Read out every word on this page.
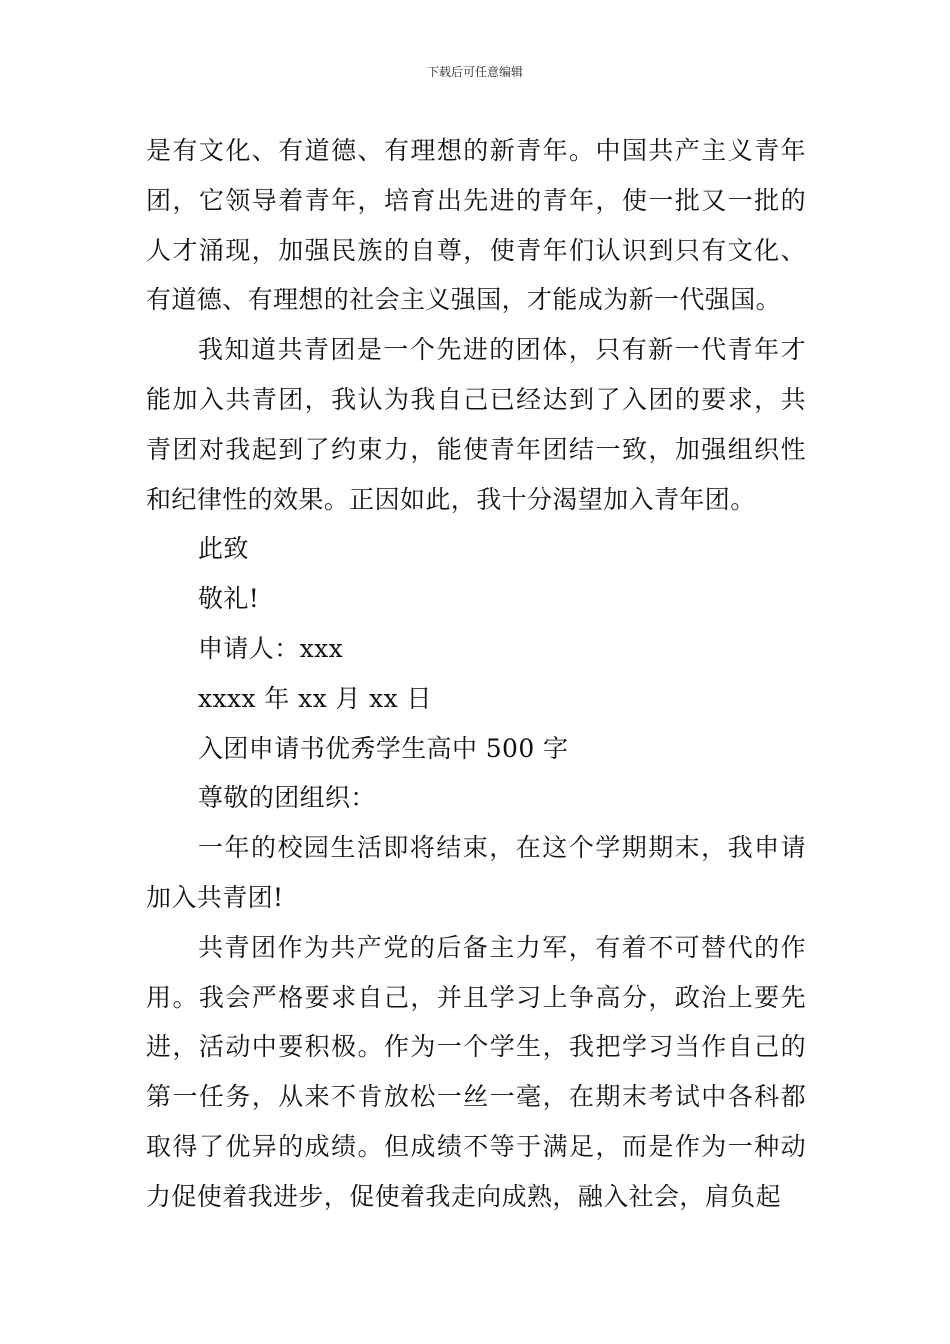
下载后可任意编辑

是有文化、有道德、有理想的新青年。中国共产主义青年团，它领导着青年，培育出先进的青年，使一批又一批的人才涌现，加强民族的自尊，使青年们认识到只有文化、有道德、有理想的社会主义强国，才能成为新一代强国。

我知道共青团是一个先进的团体，只有新一代青年才能加入共青团，我认为我自己已经达到了入团的要求，共青团对我起到了约束力，能使青年团结一致，加强组织性和纪律性的效果。正因如此，我十分渴望加入青年团。

此致

敬礼!

申请人：xxx

xxxx 年 xx 月 xx 日

入团申请书优秀学生高中 500 字

尊敬的团组织：

一年的校园生活即将结束，在这个学期期末，我申请加入共青团!

共青团作为共产党的后备主力军，有着不可替代的作用。我会严格要求自己，并且学习上争高分，政治上要先进，活动中要积极。作为一个学生，我把学习当作自己的第一任务，从来不肯放松一丝一毫，在期末考试中各科都取得了优异的成绩。但成绩不等于满足，而是作为一种动力促使着我进步，促使着我走向成熟，融入社会，肩负起
